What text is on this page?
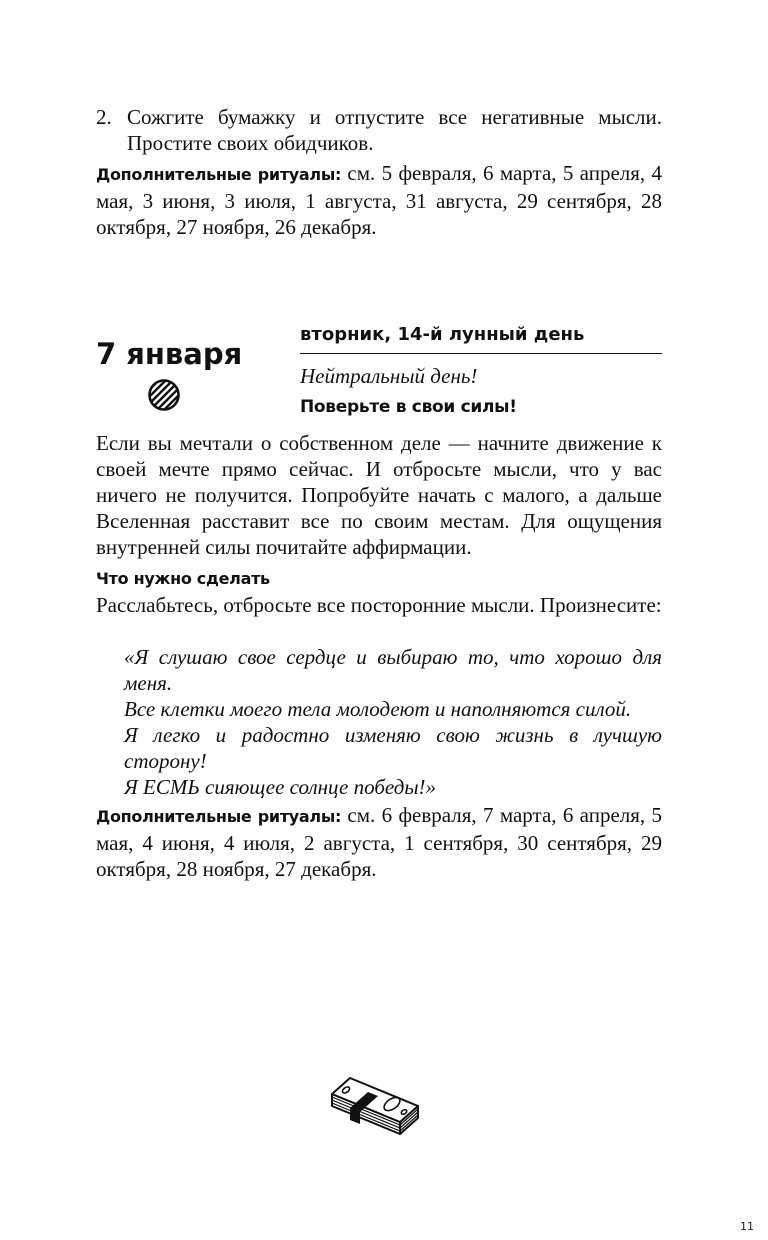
2. Сожгите бумажку и отпустите все негативные мысли. Простите своих обидчиков.
Дополнительные ритуалы: см. 5 февраля, 6 марта, 5 апреля, 4 мая, 3 июня, 3 июля, 1 августа, 31 августа, 29 сентября, 28 октября, 27 ноября, 26 декабря.
7 января
вторник, 14-й лунный день
Нейтральный день!
Поверьте в свои силы!
Если вы мечтали о собственном деле — начните движение к своей мечте прямо сейчас. И отбросьте мысли, что у вас ничего не получится. Попробуйте начать с малого, а дальше Вселенная расставит все по своим местам. Для ощущения внутренней силы почитайте аффирмации.
Что нужно сделать
Расслабьтесь, отбросьте все посторонние мысли. Произнесите:
«Я слушаю свое сердце и выбираю то, что хорошо для меня.
Все клетки моего тела молодеют и наполняются силой.
Я легко и радостно изменяю свою жизнь в лучшую сторону!
Я ЕСМЬ сияющее солнце победы!»
Дополнительные ритуалы: см. 6 февраля, 7 марта, 6 апреля, 5 мая, 4 июня, 4 июля, 2 августа, 1 сентября, 30 сентября, 29 октября, 28 ноября, 27 декабря.
11
